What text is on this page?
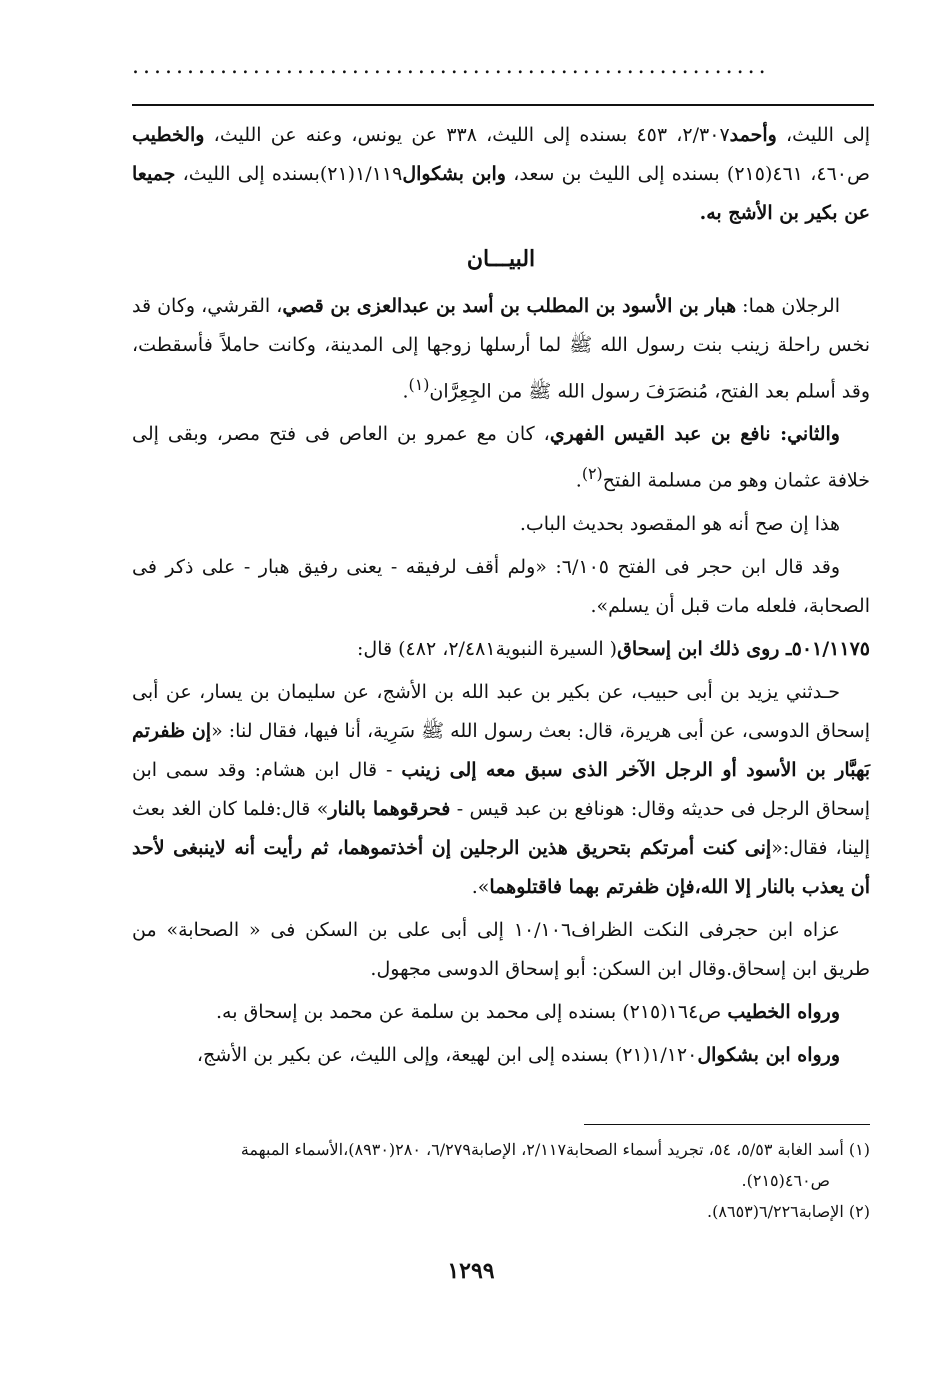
..........................................................

إلى الليث، وأحمد٢/٣٠٧، ٤٥٣ بسنده إلى الليث، ٣٣٨ عن يونس، وعنه عن الليث، والخطيب ص٤٦٠، ٤٦١(٢١٥) بسنده إلى الليث بن سعد، وابن بشكوال١/١١٩(٢١)بسنده إلى الليث، جميعا عن بكير بن الأشج به.

البيـــان

الرجلان هما: هبار بن الأسود بن المطلب بن أسد بن عبدالعزى بن قصي، القرشي، وكان قد نخس راحلة زينب بنت رسول الله ﷺ لما أرسلها زوجها إلى المدينة، وكانت حاملاً فأسقطت، وقد أسلم بعد الفتح، مُنصَرَفَ رسول الله ﷺ من الجِعِرَّان$^{(١)}$.

والثاني: نافع بن عبد القيس الفهري، كان مع عمرو بن العاص فى فتح مصر، وبقى إلى خلافة عثمان وهو من مسلمة الفتح$^{(٢)}$.

هذا إن صح أنه هو المقصود بحديث الباب.

وقد قال ابن حجر فى الفتح ٦/١٠٥: «ولم أقف لرفيقه - يعنى رفيق هبار - على ذكر فى الصحابة، فلعله مات قبل أن يسلم».

٥٠١/١١٧٥ـ روى ذلك ابن إسحاق( السيرة النبوية٢/٤٨١، ٤٨٢) قال:

حـدثني يزيد بن أبى حبيب، عن بكير بن عبد الله بن الأشج، عن سليمان بن يسار، عن أبى إسحاق الدوسى، عن أبى هريرة، قال: بعث رسول الله ﷺ سَرِية، أنا فيها، فقال لنا: «إن ظفرتم بَهبَّار بن الأسود أو الرجل الآخر الذى سبق معه إلى زينب - قال ابن هشام: وقد سمى ابن إسحاق الرجل فى حديثه وقال: هونافع بن عبد قيس - فحرقوهما بالنار» قال:فلما كان الغد بعث إلينا، فقال:«إنى كنت أمرتكم بتحريق هذين الرجلين إن أخذتموهما، ثم رأيت أنه لاينبغى لأحد أن يعذب بالنار إلا الله،فإن ظفرتم بهما فاقتلوهما».

عزاه ابن حجرفى النكت الظراف١٠/١٠٦ إلى أبى على بن السكن فى « الصحابة» من طريق ابن إسحاق.وقال ابن السكن: أبو إسحاق الدوسى مجهول.

ورواه الخطيب ص١٦٤(٢١٥) بسنده إلى محمد بن سلمة عن محمد بن إسحاق به.

ورواه ابن بشكوال١/١٢٠(٢١) بسنده إلى ابن لهيعة، وإلى الليث، عن بكير بن الأشج،

(١) أسد الغابة ٥/٥٣، ٥٤، تجريد أسماء الصحابة٢/١١٧، الإصابة٦/٢٧٩، ٢٨٠(٨٩٣٠)،الأسماء المبهمة

ص٤٦٠(٢١٥).

(٢) الإصابة٦/٢٢٦(٨٦٥٣).

١٢٩٩
